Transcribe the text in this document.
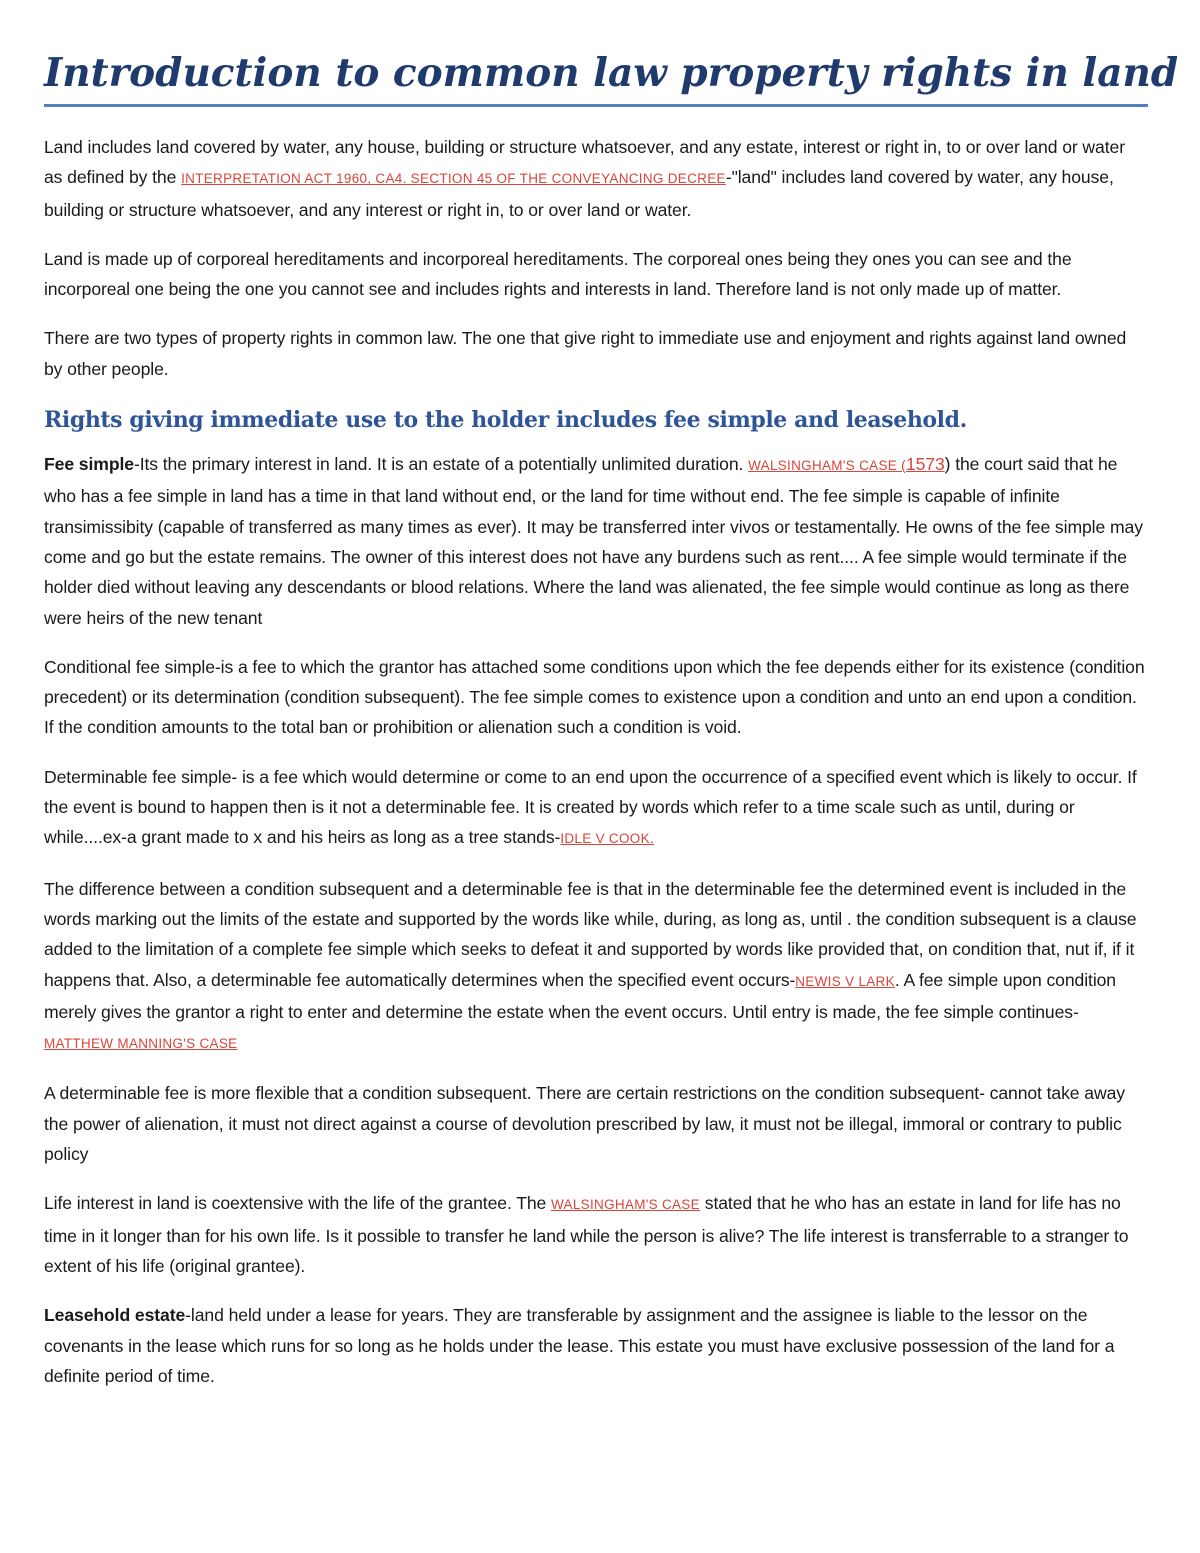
Introduction to common law property rights in land

Land includes land covered by water, any house, building or structure whatsoever, and any estate, interest or right in, to or over land or water as defined by the INTERPRETATION ACT 1960, CA4. SECTION 45 OF THE CONVEYANCING DECREE-"land" includes land covered by water, any house, building or structure whatsoever, and any interest or right in, to or over land or water.

Land is made up of corporeal hereditaments and incorporeal hereditaments. The corporeal ones being they ones you can see and the incorporeal one being the one you cannot see and includes rights and interests in land. Therefore land is not only made up of matter.

There are two types of property rights in common law. The one that give right to immediate use and enjoyment and rights against land owned by other people.

Rights giving immediate use to the holder includes fee simple and leasehold.

Fee simple-Its the primary interest in land. It is an estate of a potentially unlimited duration. WALSINGHAM'S CASE (1573) the court said that he who has a fee simple in land has a time in that land without end, or the land for time without end. The fee simple is capable of infinite transimissibity (capable of transferred as many times as ever). It may be transferred inter vivos or testamentally. He owns of the fee simple may come and go but the estate remains. The owner of this interest does not have any burdens such as rent.... A fee simple would terminate if the holder died without leaving any descendants or blood relations. Where the land was alienated, the fee simple would continue as long as there were heirs of the new tenant

Conditional fee simple-is a fee to which the grantor has attached some conditions upon which the fee depends either for its existence (condition precedent) or its determination (condition subsequent). The fee simple comes to existence upon a condition and unto an end upon a condition. If the condition amounts to the total ban or prohibition or alienation such a condition is void.

Determinable fee simple- is a fee which would determine or come to an end upon the occurrence of a specified event which is likely to occur. If the event is bound to happen then is it not a determinable fee. It is created by words which refer to a time scale such as until, during or while....ex-a grant made to x and his heirs as long as a tree stands-IDLE V COOK.

The difference between a condition subsequent and a determinable fee is that in the determinable fee the determined event is included in the words marking out the limits of the estate and supported by the words like while, during, as long as, until . the condition subsequent is a clause added to the limitation of a complete fee simple which seeks to defeat it and supported by words like provided that, on condition that, nut if, if it happens that. Also, a determinable fee automatically determines when the specified event occurs-NEWIS V LARK. A fee simple upon condition merely gives the grantor a right to enter and determine the estate when the event occurs. Until entry is made, the fee simple continues-MATTHEW MANNING'S CASE

A determinable fee is more flexible that a condition subsequent. There are certain restrictions on the condition subsequent- cannot take away the power of alienation, it must not direct against a course of devolution prescribed by law, it must not be illegal, immoral or contrary to public policy

Life interest in land is coextensive with the life of the grantee. The WALSINGHAM'S CASE stated that he who has an estate in land for life has no time in it longer than for his own life. Is it possible to transfer he land while the person is alive? The life interest is transferrable to a stranger to extent of his life (original grantee).

Leasehold estate-land held under a lease for years. They are transferable by assignment and the assignee is liable to the lessor on the covenants in the lease which runs for so long as he holds under the lease. This estate you must have exclusive possession of the land for a definite period of time.
